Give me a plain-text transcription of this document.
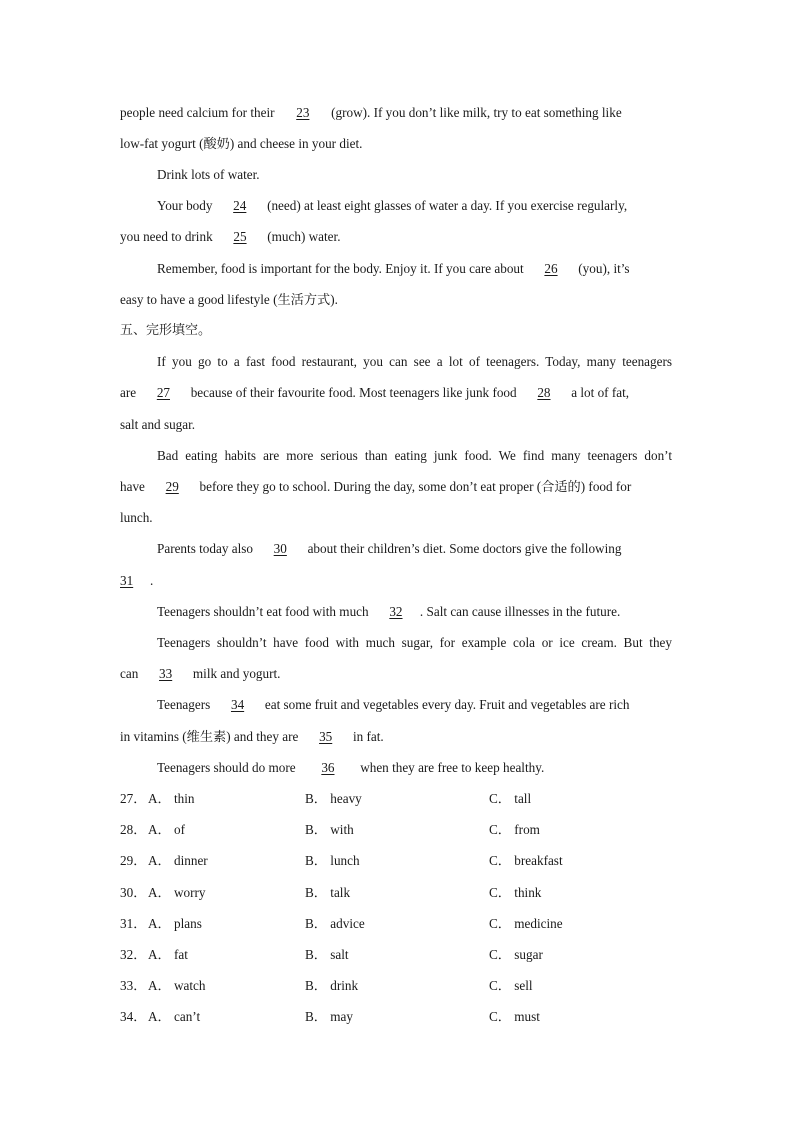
people need calcium for their 23 (grow). If you don’t like milk, try to eat something like
low-fat yogurt (酸奶) and cheese in your diet.
Drink lots of water.
Your body 24 (need) at least eight glasses of water a day. If you exercise regularly,
you need to drink 25 (much) water.
Remember, food is important for the body. Enjoy it. If you care about 26 (you), it’s
easy to have a good lifestyle (生活方式).
五、完形填空。
If you go to a fast food restaurant, you can see a lot of teenagers. Today, many teenagers
are 27 because of their favourite food. Most teenagers like junk food 28 a lot of fat,
salt and sugar.
Bad eating habits are more serious than eating junk food. We find many teenagers don’t
have 29 before they go to school. During the day, some don’t eat proper (合适的) food for
lunch.
Parents today also 30 about their children’s diet. Some doctors give the following
31 .
Teenagers shouldn’t eat food with much 32 . Salt can cause illnesses in the future.
Teenagers shouldn’t have food with much sugar, for example cola or ice cream. But they
can 33 milk and yogurt.
Teenagers 34 eat some fruit and vegetables every day. Fruit and vegetables are rich
in vitamins (维生素) and they are 35 in fat.
Teenagers should do more 36 when they are free to keep healthy.
27． A． thin	B． heavy	C． tall
28． A． of	B． with	C． from
29． A． dinner	B． lunch	C． breakfast
30． A． worry	B． talk	C． think
31． A． plans	B． advice	C． medicine
32． A． fat	B． salt	C． sugar
33． A． watch	B． drink	C． sell
34． A． can’t	B． may	C． must
